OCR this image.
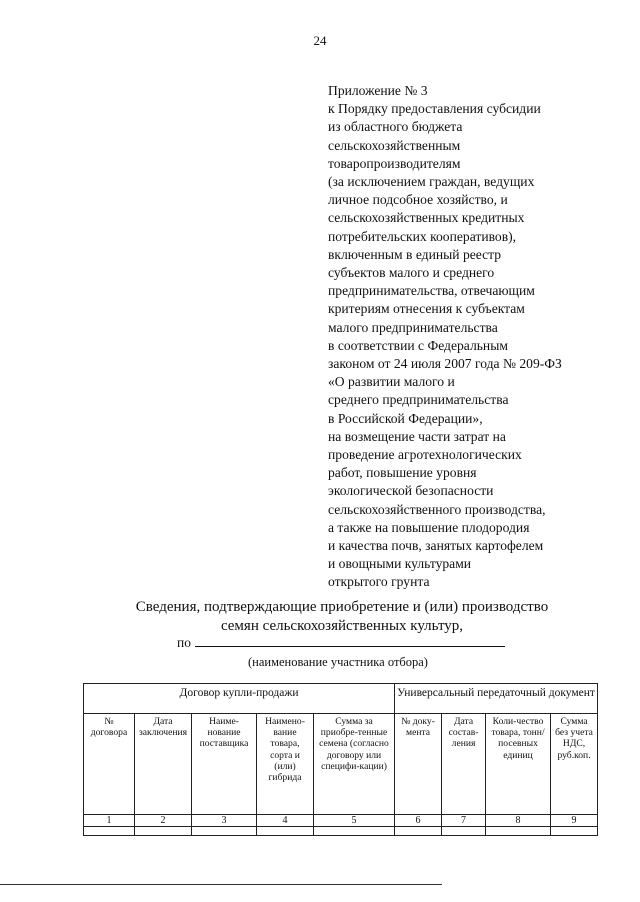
24
Приложение № 3
к Порядку предоставления субсидии
из областного бюджета
сельскохозяйственным
товаропроизводителям
(за исключением граждан, ведущих
личное подсобное хозяйство, и
сельскохозяйственных кредитных
потребительских кооперативов),
включенным в единый реестр
субъектов малого и среднего
предпринимательства, отвечающим
критериям отнесения к субъектам
малого предпринимательства
в соответствии с Федеральным
законом от 24 июля 2007 года № 209-ФЗ
«О развитии малого и
среднего предпринимательства
в Российской Федерации»,
на возмещение части затрат на
проведение агротехнологических
работ, повышение уровня
экологической безопасности
сельскохозяйственного производства,
а также на повышение плодородия
и качества почв, занятых картофелем
и овощными культурами
открытого грунта
Сведения, подтверждающие приобретение и (или) производство
семян сельскохозяйственных культур,
по
(наименование участника отбора)
Договор купли-продажи					Универсальный передаточный документ			
№ договора	Дата заключения	Наиме-нование поставщика	Наимено-вание товара, сорта и (или) гибрида	Сумма за приобре-тенные семена (согласно договору или специфи-кации)	№ доку-мента	Дата состав-ления	Коли-чество товара, тонн/ посевных единиц	Сумма без учета НДС, руб.коп.
1	2	3	4	5	6	7	8	9
